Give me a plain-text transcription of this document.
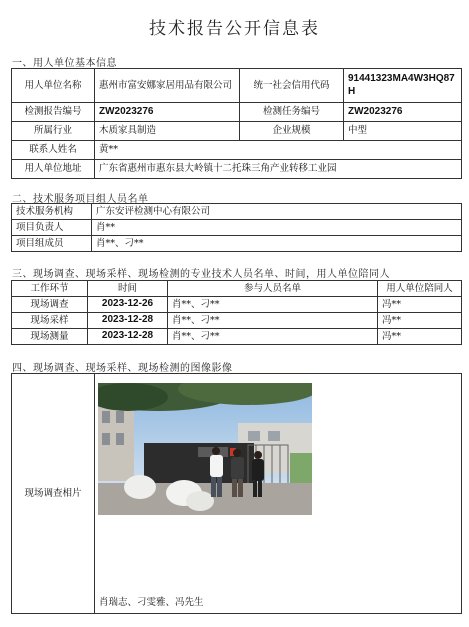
技术报告公开信息表
一、用人单位基本信息
用人单位名称	惠州市富安娜家居用品有限公司	统一社会信用代码	91441323MA4W3HQ87H
检测报告编号	ZW2023276	检测任务编号	ZW2023276
所属行业	木质家具制造	企业规模	中型
联系人姓名	黄**		
用人单位地址	广东省惠州市惠东县大岭镇十二托珠三角产业转移工业园		
二、技术服务项目组人员名单
技术服务机构	广东安评检测中心有限公司
项目负责人	肖**
项目组成员	肖**、刁**
三、现场调查、现场采样、现场检测的专业技术人员名单、时间，用人单位陪同人
工作环节	时间	参与人员名单	用人单位陪同人
现场调查	2023-12-26	肖**、刁**	冯**
现场采样	2023-12-28	肖**、刁**	冯**
现场测量	2023-12-28	肖**、刁**	冯**
四、现场调查、现场采样、现场检测的图像影像
现场调查相片	
肖瑞志、刁雯雅、冯先生
